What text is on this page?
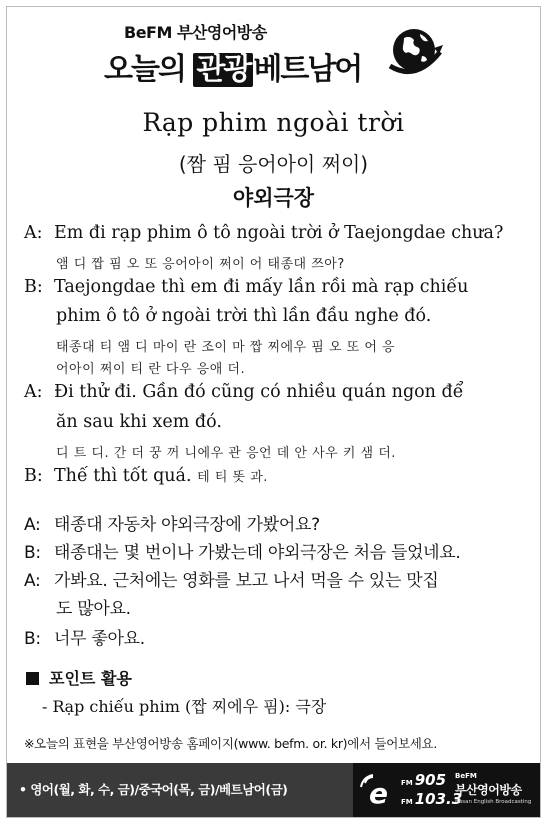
BeFM 부산영어방송
오늘의 관광 베트남어
Rạp phim ngoài trời
(짬 핌 응어아이 쩌이)
야외극장
A: Em đi rạp phim ô tô ngoài trời ở Taejongdae chưa?
앰 디 짭 핌 오 또 응어아이 쩌이 어 태종대 쯔아?
B: Taejongdae thì em đi mấy lần rồi mà rạp chiếu
phim ô tô ở ngoài trời thì lần đầu nghe đó.
태종대 티 앰 디 마이 란 조이 마 짭 찌에우 핌 오 또 어 응
어아이 쩌이 티 란 다우 응애 더.
A: Đi thử đi. Gần đó cũng có nhiều quán ngon để
ăn sau khi xem đó.
디 트 디. 간 더 꿍 꺼 니에우 관 응언 데 안 사우 키 샘 더.
B: Thế thì tốt quá. 테 티 똣 과.
A: 태종대 자동차 야외극장에 가봤어요?
B: 태종대는 몇 번이나 가봤는데 야외극장은 처음 들었네요.
A: 가봐요. 근처에는 영화를 보고 나서 먹을 수 있는 맛집
도 많아요.
B: 너무 좋아요.
포인트 활용
- Rạp chiếu phim (짭 찌에우 핌): 극장
※오늘의 표현을 부산영어방송 홈페이지(www. befm. or. kr)에서 들어보세요.
• 영어(월, 화, 수, 금)/중국어(목, 금)/베트남어(금)	e FM 905
FM 103.3
BeFM
부산영어방송
Busan English Broadcasting
